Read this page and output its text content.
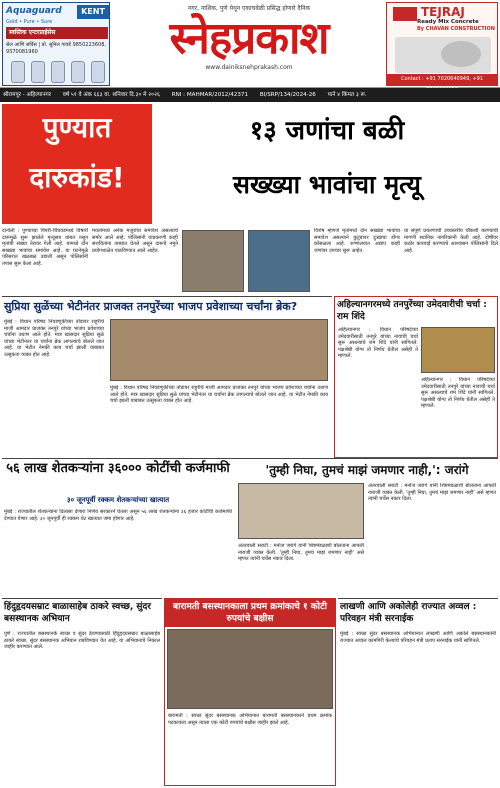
Aquaguard	KENT
Gold • Pure • Sure
स्वस्तिक एन्टरप्राईसेस
सेल आणि सर्विस | प्रो. सुनिल गावडे 9850223608, 9370081960
नगर, नाशिक, पुणे येथून एकाचवेळी प्रसिद्ध होणारे दैनिक
स्नेहप्रकाश
www.dainiksnehprakash.com
TEJRAJ
Ready Mix Concrete
By CHAVAN CONSTRUCTION
Contact : +91 7020640949, +91
श्रीरामपूर - अहिल्यानगर वर्ष ५१ वे अंक ६६३ वा. शनिवार दि.३० मे २०२६ RNI : MAHMAR/2012/42371 BI/SRP/134/2024-26 पाने ४ किंमत ३ रू.
पुण्यात
दारुकांड!
१३ जणांचा बळी
सख्ख्या भावांचा मृत्यू
दानोली : पुण्याच्या पिंपरी-चिंचवडमध्ये विषारी दारूमुळे सुरू झालेले मृत्यूसत्र थांबत नसून मृतांची संख्या तेरावर गेली आहे. यामध्ये दोन सख्ख्या भावांचा समावेश आहे. या घटनेमुळे परिसरात खळबळ उडाली असून पोलिसांनी तपास सुरू केला आहे.
मयतांमध्ये अनेक मजुरांचा समावेश असल्याचे समोर आले आहे. पोलिसांनी याप्रकरणी काही संशयितांना ताब्यात घेतले असून दारूचे नमुने प्रयोगशाळेत पाठविण्यात आले आहेत.
विशेष म्हणजे मृतांमध्ये दोन सख्ख्या भावांचा समावेश असल्याने कुटुंबावर दुःखाचा डोंगर कोसळला आहे. रुग्णालयात अद्याप काही जणांवर उपचार सुरू आहेत.
या संपूर्ण प्रकरणाची उच्चस्तरीय चौकशी करण्याची मागणी स्थानिक नागरिकांनी केली आहे. दोषींवर कठोर कारवाई करण्याचे आश्वासन पोलिसांनी दिले आहे.
सुप्रिया सुळेंच्या भेटीनंतर प्राजक्त तनपुरेंच्या भाजप प्रवेशाच्या चर्चांना ब्रेक?
मुंबई : विधान परिषद निवडणुकीच्या तोंडावर राहुरीचे माजी आमदार प्राजक्त तनपुरे यांच्या भाजप प्रवेशाच्या चर्चांना उधाण आले होते. मात्र खासदार सुप्रिया सुळे यांच्या भेटीनंतर या चर्चांना ब्रेक लागल्याचे बोलले जात आहे. या भेटीत नेमकी काय चर्चा झाली याबाबत उत्सुकता व्यक्त होत आहे.
मुंबई : विधान परिषद निवडणुकीच्या तोंडावर राहुरीचे माजी आमदार प्राजक्त तनपुरे यांच्या भाजप प्रवेशाच्या चर्चांना उधाण आले होते. मात्र खासदार सुप्रिया सुळे यांच्या भेटीनंतर या चर्चांना ब्रेक लागल्याचे बोलले जात आहे. या भेटीत नेमकी काय चर्चा झाली याबाबत उत्सुकता व्यक्त होत आहे.
अहिल्यानगरमध्ये तनपुरेंच्या उमेदवारीची चर्चा : राम शिंदे
अहिल्यानगर : विधान परिषदेच्या उमेदवारीसाठी तनपुरे यांच्या नावाची चर्चा सुरू असल्याचे राम शिंदे यांनी सांगितले. पक्षश्रेष्ठी योग्य तो निर्णय घेतील असेही ते म्हणाले.
अहिल्यानगर : विधान परिषदेच्या उमेदवारीसाठी तनपुरे यांच्या नावाची चर्चा सुरू असल्याचे राम शिंदे यांनी सांगितले. पक्षश्रेष्ठी योग्य तो निर्णय घेतील असेही ते म्हणाले.
५६ लाख शेतकऱ्यांना ३६००० कोटींची कर्जमाफी
३० जूनपूर्वी रक्कम शेतकऱ्यांच्या खात्यात
मुंबई : राज्यातील शेतकऱ्यांना दिलासा देणारा निर्णय सरकारने घेतला असून ५६ लाख शेतकऱ्यांना ३६ हजार कोटींची कर्जमाफी देण्यात येणार आहे. ३० जूनपूर्वी ही रक्कम थेट खात्यात जमा होणार आहे.
'तुम्ही निघा, तुमचं माझं जमणार नाही,': जरांगे
अंतरवाली सराटी : मनोज जरांगे यांनी शिष्टमंडळाशी बोलताना आपली नाराजी व्यक्त केली. 'तुम्ही निघा, तुमचं माझं जमणार नाही' असे म्हणत त्यांनी चर्चेस नकार दिला.
अंतरवाली सराटी : मनोज जरांगे यांनी शिष्टमंडळाशी बोलताना आपली नाराजी व्यक्त केली. 'तुम्ही निघा, तुमचं माझं जमणार नाही' असे म्हणत त्यांनी चर्चेस नकार दिला.
हिंदुहृदयसम्राट बाळासाहेब ठाकरे स्वच्छ, सुंदर बसस्थानक अभियान
पुणे : राज्यातील बसस्थानके स्वच्छ व सुंदर ठेवण्यासाठी हिंदुहृदयसम्राट बाळासाहेब ठाकरे स्वच्छ, सुंदर बसस्थानक अभियान राबविण्यात येत आहे. या अभियानाचे निकाल जाहीर करण्यात आले.
बारामती बसस्थानकाला प्रथम क्रमांकाचे १ कोटी रुपयांचे बक्षीस
बारामती : स्वच्छ सुंदर बसस्थानक अभियानात बारामती बसस्थानकाने प्रथम क्रमांक पटकावला असून त्याला एक कोटी रुपयांचे बक्षीस जाहीर झाले आहे.
लाखणी आणि अकोलेही राज्यात अव्वल : परिवहन मंत्री सरनाईक
मुंबई : स्वच्छ सुंदर बसस्थानक अभियानात लाखणी आणि अकोले बसस्थानकांनी राज्यात अव्वल कामगिरी केल्याचे परिवहन मंत्री प्रताप सरनाईक यांनी सांगितले.
